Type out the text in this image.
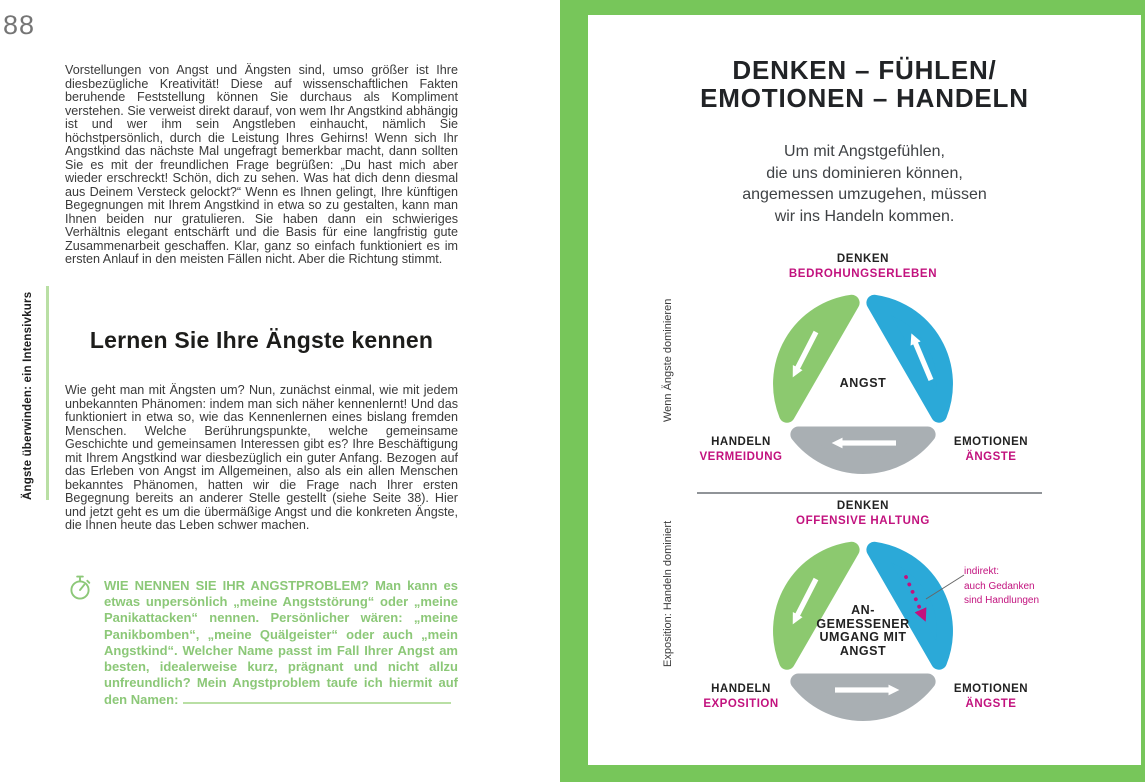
88
Ängste überwinden: ein Intensivkurs

Vorstellungen von Angst und Ängsten sind, umso größer ist Ihre diesbezügliche Kreativität! Diese auf wissenschaftlichen Fakten beruhende Feststellung können Sie durchaus als Kompliment verstehen. Sie verweist direkt darauf, von wem Ihr Angstkind abhängig ist und wer ihm sein Angstleben einhaucht, nämlich Sie höchstpersönlich, durch die Leistung Ihres Gehirns! Wenn sich Ihr Angstkind das nächste Mal ungefragt bemerkbar macht, dann sollten Sie es mit der freundlichen Frage begrüßen: „Du hast mich aber wieder erschreckt! Schön, dich zu sehen. Was hat dich denn diesmal aus Deinem Versteck gelockt?“ Wenn es Ihnen gelingt, Ihre künftigen Begegnungen mit Ihrem Angstkind in etwa so zu gestalten, kann man Ihnen beiden nur gratulieren. Sie haben dann ein schwieriges Verhältnis elegant entschärft und die Basis für eine langfristig gute Zusammenarbeit geschaffen. Klar, ganz so einfach funktioniert es im ersten Anlauf in den meisten Fällen nicht. Aber die Richtung stimmt.

Lernen Sie Ihre Ängste kennen

Wie geht man mit Ängsten um? Nun, zunächst einmal, wie mit jedem unbekannten Phänomen: indem man sich näher kennenlernt! Und das funktioniert in etwa so, wie das Kennenlernen eines bislang fremden Menschen. Welche Berührungspunkte, welche gemeinsame Geschichte und gemeinsamen Interessen gibt es? Ihre Beschäftigung mit Ihrem Angstkind war diesbezüglich ein guter Anfang. Bezogen auf das Erleben von Angst im Allgemeinen, also als ein allen Menschen bekanntes Phänomen, hatten wir die Frage nach Ihrer ersten Begegnung bereits an anderer Stelle gestellt (siehe Seite 38). Hier und jetzt geht es um die übermäßige Angst und die konkreten Ängste, die Ihnen heute das Leben schwer machen.

WIE NENNEN SIE IHR ANGSTPROBLEM? Man kann es etwas unpersönlich „meine Angststörung“ oder „meine Panikattacken“ nennen. Persönlicher wären: „meine Panikbomben“, „meine Quälgeister“ oder auch „mein Angstkind“. Welcher Name passt im Fall Ihrer Angst am besten, idealerweise kurz, prägnant und nicht allzu unfreundlich? Mein Angstproblem taufe ich hiermit auf den Namen:

DENKEN – FÜHLEN/
EMOTIONEN – HANDELN
Um mit Angstgefühlen,
die uns dominieren können,
angemessen umzugehen, müssen
wir ins Handeln kommen.
Wenn Ängste dominieren
Exposition: Handeln dominiert
DENKEN
BEDROHUNGSERLEBEN
ANGST
HANDELN
VERMEIDUNG
EMOTIONEN
ÄNGSTE
DENKEN
OFFENSIVE HALTUNG
AN-
GEMESSENER
UMGANG MIT
ANGST
indirekt:
auch Gedanken
sind Handlungen
HANDELN
EXPOSITION
EMOTIONEN
ÄNGSTE
